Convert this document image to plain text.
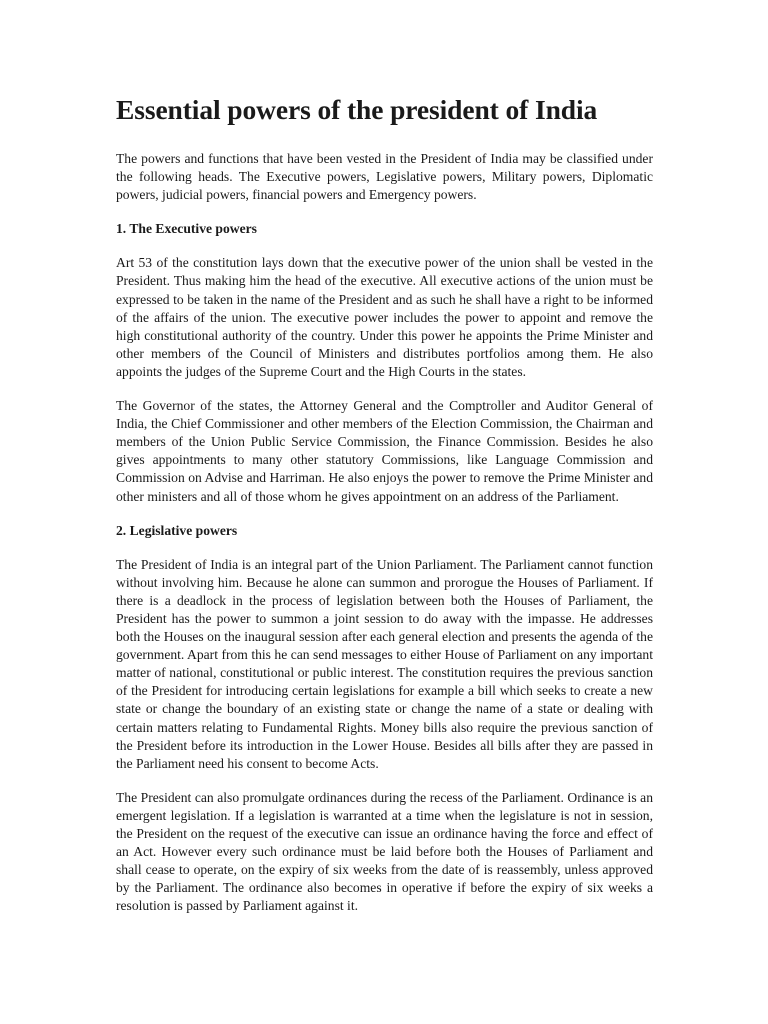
Essential powers of the president of India

The powers and functions that have been vested in the President of India may be classified under the following heads. The Executive powers, Legislative powers, Military powers, Diplomatic powers, judicial powers, financial powers and Emergency powers.

1. The Executive powers

Art 53 of the constitution lays down that the executive power of the union shall be vested in the President. Thus making him the head of the executive. All executive actions of the union must be expressed to be taken in the name of the President and as such he shall have a right to be informed of the affairs of the union. The executive power includes the power to appoint and remove the high constitutional authority of the country. Under this power he appoints the Prime Minister and other members of the Council of Ministers and distributes portfolios among them. He also appoints the judges of the Supreme Court and the High Courts in the states.

The Governor of the states, the Attorney General and the Comptroller and Auditor General of India, the Chief Commissioner and other members of the Election Commission, the Chairman and members of the Union Public Service Commission, the Finance Commission. Besides he also gives appointments to many other statutory Commissions, like Language Commission and Commission on Advise and Harriman. He also enjoys the power to remove the Prime Minister and other ministers and all of those whom he gives appointment on an address of the Parliament.

2. Legislative powers

The President of India is an integral part of the Union Parliament. The Parliament cannot function without involving him. Because he alone can summon and prorogue the Houses of Parliament. If there is a deadlock in the process of legislation between both the Houses of Parliament, the President has the power to summon a joint session to do away with the impasse. He addresses both the Houses on the inaugural session after each general election and presents the agenda of the government. Apart from this he can send messages to either House of Parliament on any important matter of national, constitutional or public interest. The constitution requires the previous sanction of the President for introducing certain legislations for example a bill which seeks to create a new state or change the boundary of an existing state or change the name of a state or dealing with certain matters relating to Fundamental Rights. Money bills also require the previous sanction of the President before its introduction in the Lower House. Besides all bills after they are passed in the Parliament need his consent to become Acts.

The President can also promulgate ordinances during the recess of the Parliament. Ordinance is an emergent legislation. If a legislation is warranted at a time when the legislature is not in session, the President on the request of the executive can issue an ordinance having the force and effect of an Act. However every such ordinance must be laid before both the Houses of Parliament and shall cease to operate, on the expiry of six weeks from the date of is reassembly, unless approved by the Parliament. The ordinance also becomes in operative if before the expiry of six weeks a resolution is passed by Parliament against it.
